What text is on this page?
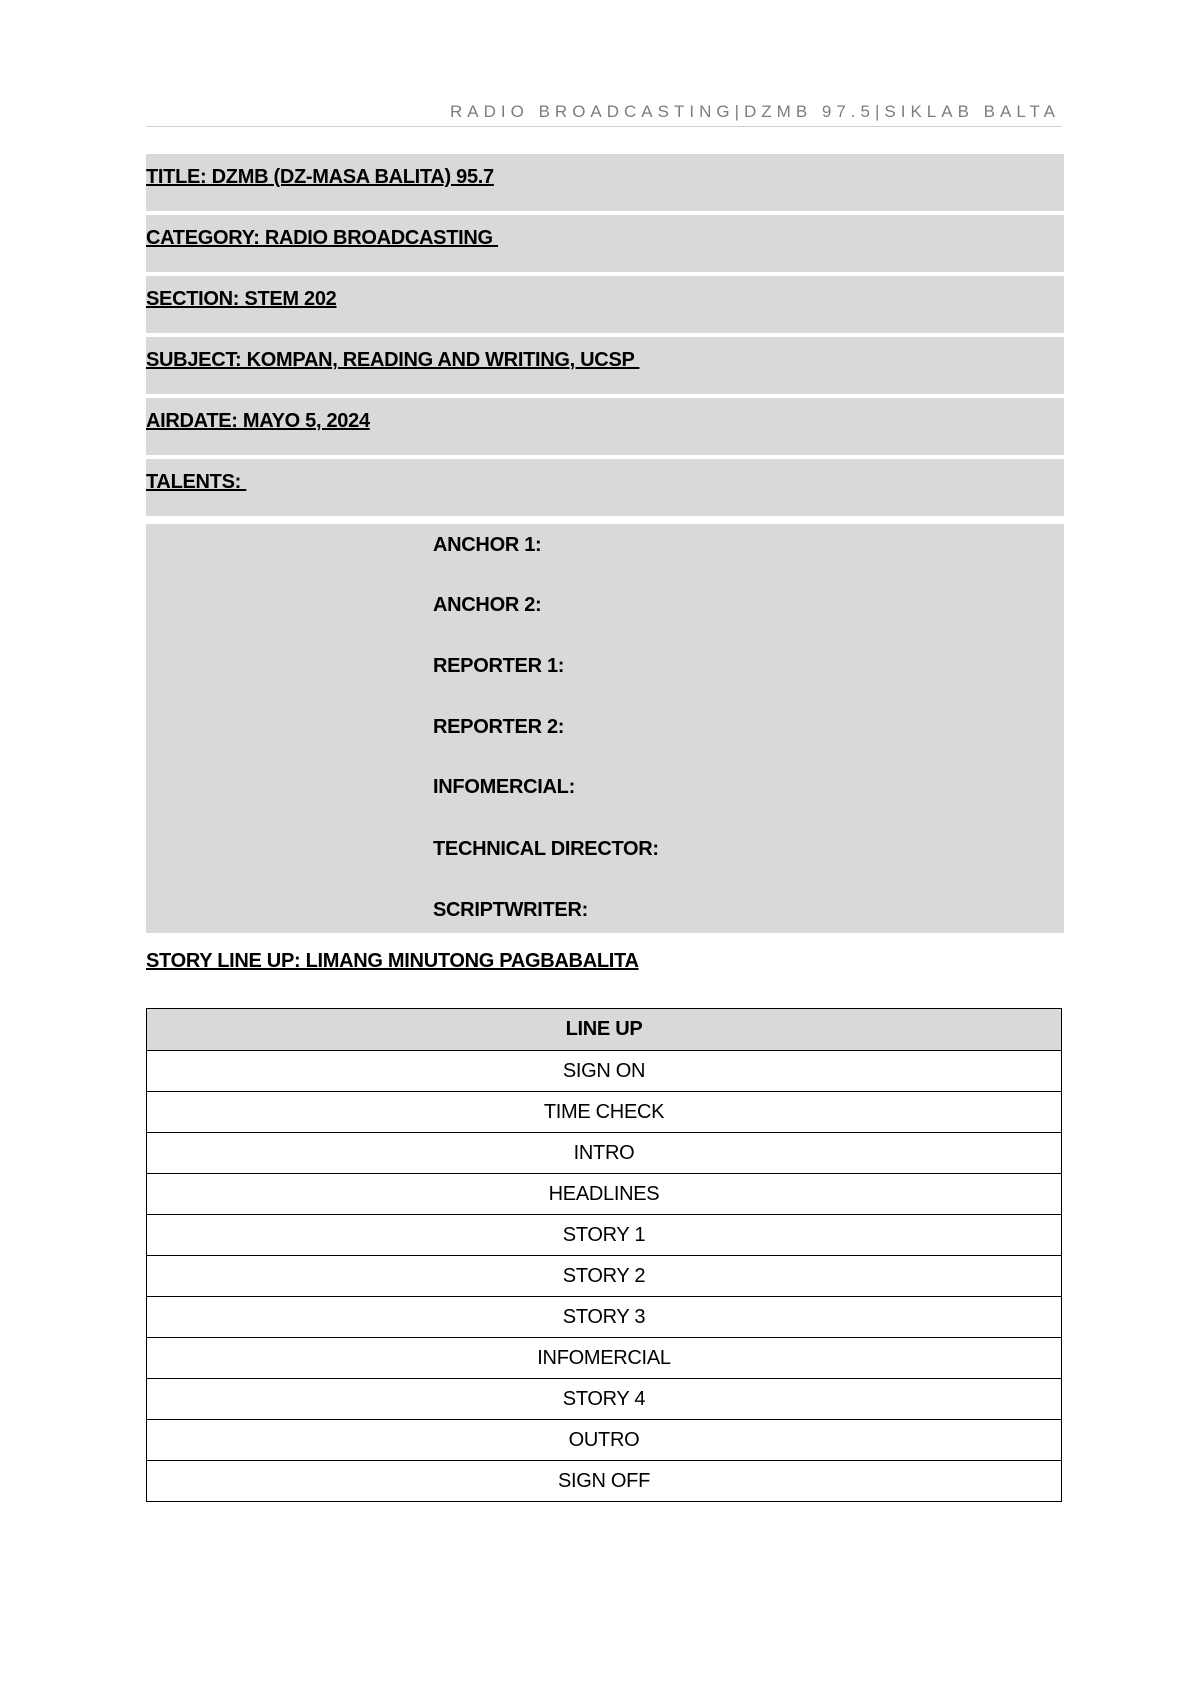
RADIO BROADCASTING|DZMB 97.5|SIKLAB BALTA
TITLE: DZMB (DZ-MASA BALITA) 95.7
CATEGORY: RADIO BROADCASTING
SECTION: STEM 202
SUBJECT: KOMPAN, READING AND WRITING, UCSP
AIRDATE: MAYO 5, 2024
TALENTS:
ANCHOR 1:
ANCHOR 2:
REPORTER 1:
REPORTER 2:
INFOMERCIAL:
TECHNICAL DIRECTOR:
SCRIPTWRITER:
STORY LINE UP: LIMANG MINUTONG PAGBABALITA
LINE UP
SIGN ON
TIME CHECK
INTRO
HEADLINES
STORY 1
STORY 2
STORY 3
INFOMERCIAL
STORY 4
OUTRO
SIGN OFF
